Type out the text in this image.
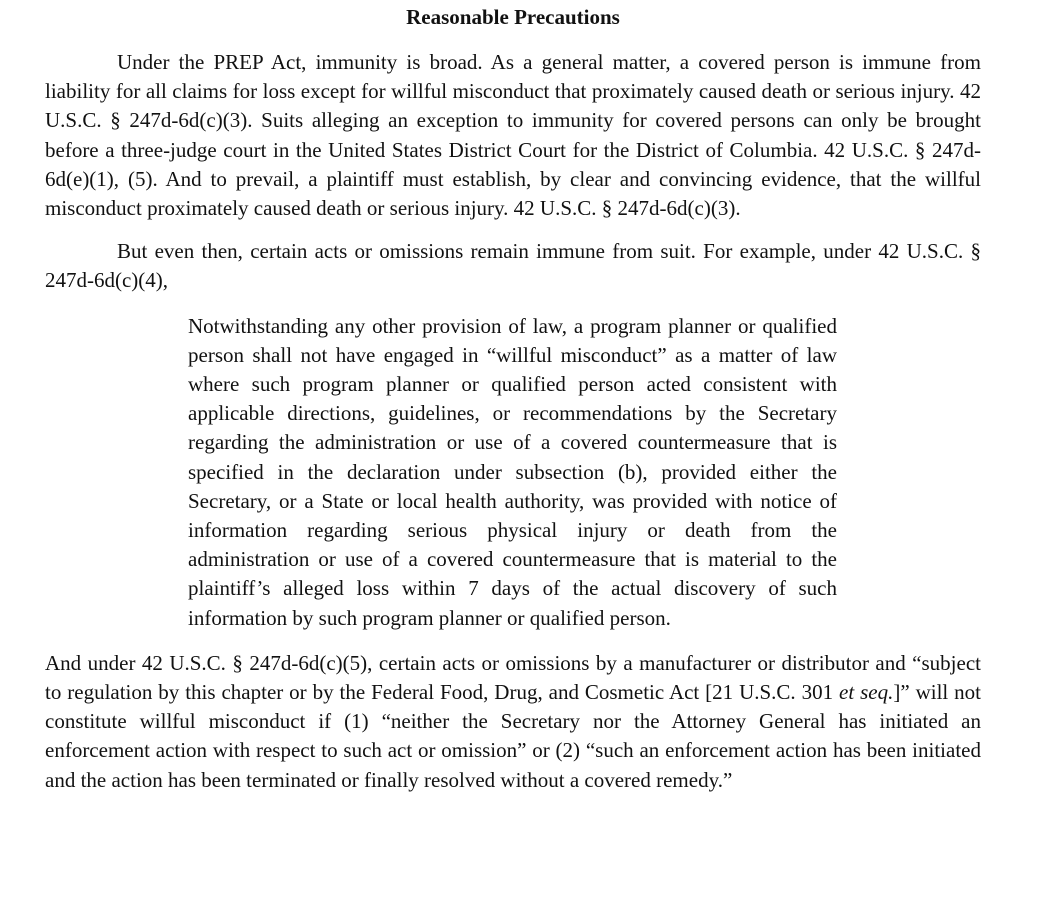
Reasonable Precautions

Under the PREP Act, immunity is broad. As a general matter, a covered person is immune from liability for all claims for loss except for willful misconduct that proximately caused death or serious injury. 42 U.S.C. § 247d-6d(c)(3). Suits alleging an exception to immunity for covered persons can only be brought before a three-judge court in the United States District Court for the District of Columbia. 42 U.S.C. § 247d-6d(e)(1), (5). And to prevail, a plaintiff must establish, by clear and convincing evidence, that the willful misconduct proximately caused death or serious injury. 42 U.S.C. § 247d-6d(c)(3).

But even then, certain acts or omissions remain immune from suit. For example, under 42 U.S.C. § 247d-6d(c)(4),

Notwithstanding any other provision of law, a program planner or qualified person shall not have engaged in “willful misconduct” as a matter of law where such program planner or qualified person acted consistent with applicable directions, guidelines, or recommendations by the Secretary regarding the administration or use of a covered countermeasure that is specified in the declaration under subsection (b), provided either the Secretary, or a State or local health authority, was provided with notice of information regarding serious physical injury or death from the administration or use of a covered countermeasure that is material to the plaintiff’s alleged loss within 7 days of the actual discovery of such information by such program planner or qualified person.

And under 42 U.S.C. § 247d-6d(c)(5), certain acts or omissions by a manufacturer or distributor and “subject to regulation by this chapter or by the Federal Food, Drug, and Cosmetic Act [21 U.S.C. 301 et seq.]” will not constitute willful misconduct if (1) “neither the Secretary nor the Attorney General has initiated an enforcement action with respect to such act or omission” or (2) “such an enforcement action has been initiated and the action has been terminated or finally resolved without a covered remedy.”
